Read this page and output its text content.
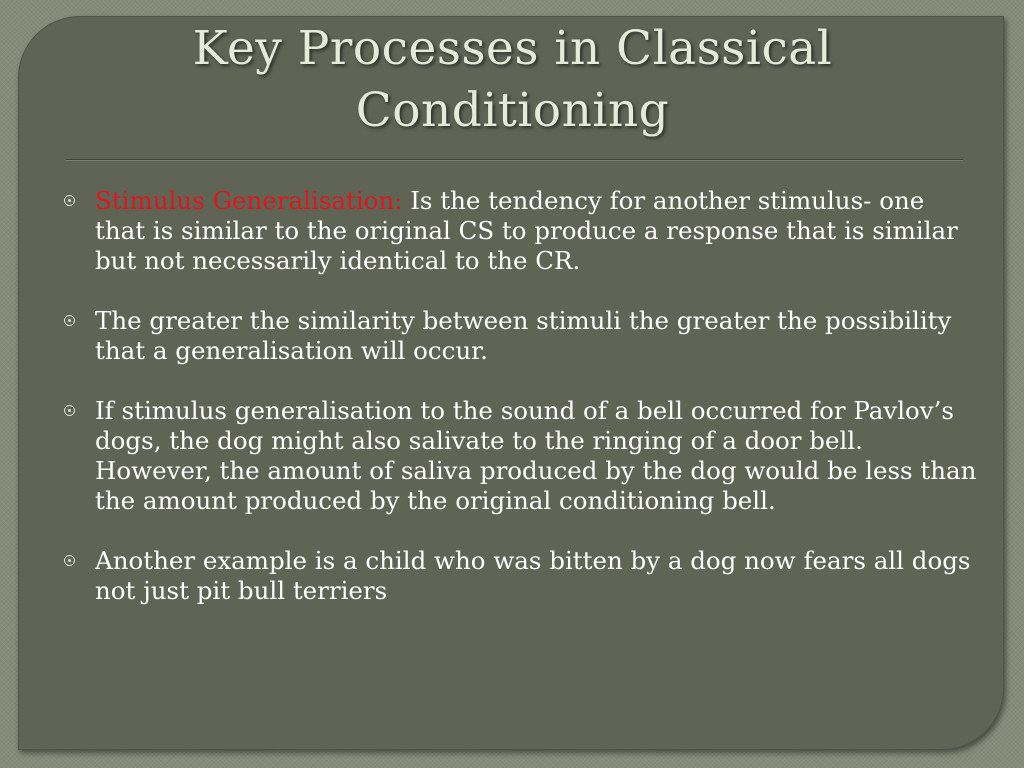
Key Processes in Classical Conditioning
Stimulus Generalisation: Is the tendency for another stimulus- one that is similar to the original CS to produce a response that is similar but not necessarily identical to the CR.
The greater the similarity between stimuli the greater the possibility that a generalisation will occur.
If stimulus generalisation to the sound of a bell occurred for Pavlov’s dogs, the dog might also salivate to the ringing of a door bell. However, the amount of saliva produced by the dog would be less than the amount produced by the original conditioning bell.
Another example is a child who was bitten by a dog now fears all dogs not just pit bull terriers
